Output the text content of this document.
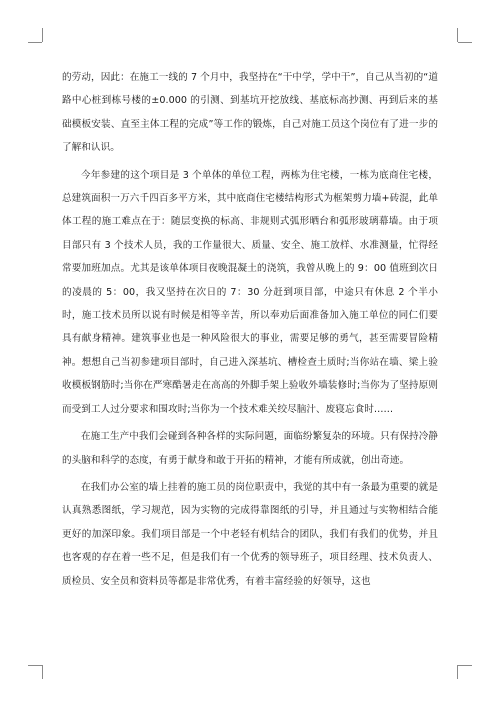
的劳动，因此：在施工一线的 7 个月中，我坚持在“干中学，学中干”，自己从当初的“道路中心桩到栋号楼的±0.000 的引测、到基坑开挖放线、基底标高抄测、再到后来的基础模板安装、直至主体工程的完成”等工作的锻炼，自己对施工员这个岗位有了进一步的了解和认识。

今年参建的这个项目是 3 个单体的单位工程，两栋为住宅楼，一栋为底商住宅楼，总建筑面积一万六千四百多平方米，其中底商住宅楼结构形式为框架剪力墙+砖混，此单体工程的施工难点在于：随层变换的标高、非规则式弧形晒台和弧形玻璃幕墙。由于项目部只有 3 个技术人员，我的工作量很大、质量、安全、施工放样、水准测量，忙得经常要加班加点。尤其是该单体项目夜晚混凝土的浇筑，我曾从晚上的 9：00 值班到次日的凌晨的 5：00，我又坚持在次日的 7：30 分赶到项目部，中途只有休息 2 个半小时，施工技术员所以说有时候是相等辛苦，所以奉劝后面准备加入施工单位的同仁们要具有献身精神。建筑事业也是一种风险很大的事业，需要足够的勇气，甚至需要冒险精神。想想自己当初参建项目部时，自己进入深基坑、槽检查土质时;当你站在墙、梁上验收模板钢筋时;当你在严寒酷暑走在高高的外脚手架上验收外墙装修时;当你为了坚持原则而受到工人过分要求和围攻时;当你为一个技术难关绞尽脑汁、废寝忘食时……

在施工生产中我们会碰到各种各样的实际问题，面临纷繁复杂的环境。只有保持冷静的头脑和科学的态度，有勇于献身和敢于开拓的精神，才能有所成就，创出奇迹。

在我们办公室的墙上挂着的施工员的岗位职责中，我觉的其中有一条最为重要的就是认真熟悉图纸，学习规范，因为实物的完成得靠图纸的引导，并且通过与实物相结合能更好的加深印象。我们项目部是一个中老轻有机结合的团队，我们有我们的优势，并且也客观的存在着一些不足，但是我们有一个优秀的领导班子，项目经理、技术负责人、质检员、安全员和资料员等都是非常优秀，有着丰富经验的好领导，这也
